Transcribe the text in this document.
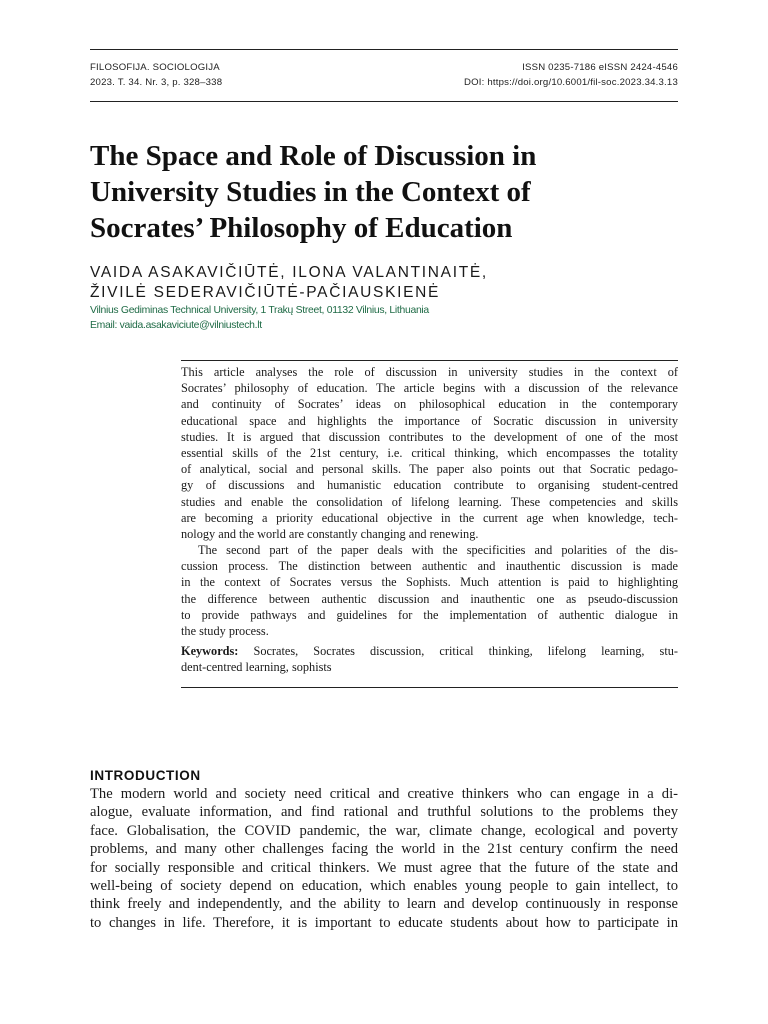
FILOSOFIJA. SOCIOLOGIJA
2023. T. 34. Nr. 3, p. 328–338
ISSN 0235-7186 eISSN 2424-4546
DOI: https://doi.org/10.6001/fil-soc.2023.34.3.13
The Space and Role of Discussion in
University Studies in the Context of
Socrates’ Philosophy of Education
VAIDA ASAKAVIČIŪTĖ, ILONA VALANTINAITĖ,
ŽIVILĖ SEDERAVIČIŪTĖ-PAČIAUSKIENĖ
Vilnius Gediminas Technical University, 1 Trakų Street, 01132 Vilnius, Lithuania
Email: vaida.asakaviciute@vilniustech.lt
This article analyses the role of discussion in university studies in the context of
Socrates’ philosophy of education. The article begins with a discussion of the relevance
and continuity of Socrates’ ideas on philosophical education in the contemporary
educational space and highlights the importance of Socratic discussion in university
studies. It is argued that discussion contributes to the development of one of the most
essential skills of the 21st century, i.e. critical thinking, which encompasses the totality
of analytical, social and personal skills. The paper also points out that Socratic pedago-
gy of discussions and humanistic education contribute to organising student-centred
studies and enable the consolidation of lifelong learning. These competencies and skills
are becoming a priority educational objective in the current age when knowledge, tech-
nology and the world are constantly changing and renewing.
The second part of the paper deals with the specificities and polarities of the dis-
cussion process. The distinction between authentic and inauthentic discussion is made
in the context of Socrates versus the Sophists. Much attention is paid to highlighting
the difference between authentic discussion and inauthentic one as pseudo-discussion
to provide pathways and guidelines for the implementation of authentic dialogue in
the study process.
Keywords: Socrates, Socrates discussion, critical thinking, lifelong learning, stu-
dent-centred learning, sophists
INTRODUCTION
The modern world and society need critical and creative thinkers who can engage in a di-
alogue, evaluate information, and find rational and truthful solutions to the problems they
face. Globalisation, the COVID pandemic, the war, climate change, ecological and poverty
problems, and many other challenges facing the world in the 21st century confirm the need
for socially responsible and critical thinkers. We must agree that the future of the state and
well-being of society depend on education, which enables young people to gain intellect, to
think freely and independently, and the ability to learn and develop continuously in response
to changes in life. Therefore, it is important to educate students about how to participate in
